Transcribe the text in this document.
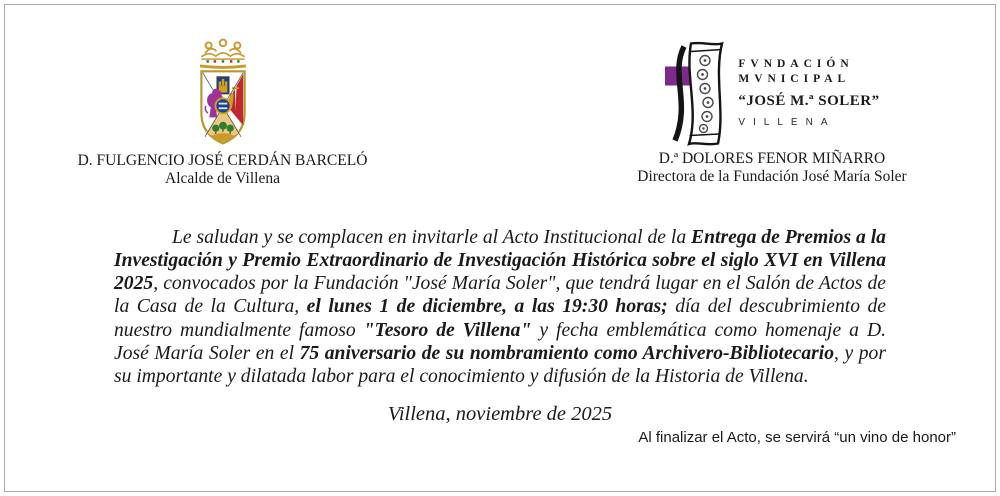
D. FULGENCIO JOSÉ CERDÁN BARCELÓ
Alcalde de Villena
FVNDACIÓN
MVNICIPAL
“JOSÉ M.ª SOLER”
VILLENA
D.ª DOLORES FENOR MIÑARRO
Directora de la Fundación José María Soler

Le saludan y se complacen en invitarle al Acto Institucional de la Entrega de Premios a la Investigación y Premio Extraordinario de Investigación Histórica sobre el siglo XVI en Villena 2025, convocados por la Fundación "José María Soler", que tendrá lugar en el Salón de Actos de la Casa de la Cultura, el lunes 1 de diciembre, a las 19:30 horas; día del descubrimiento de nuestro mundialmente famoso "Tesoro de Villena" y fecha emblemática como homenaje a D. José María Soler en el 75 aniversario de su nombramiento como Archivero-Bibliotecario, y por su importante y dilatada labor para el conocimiento y difusión de la Historia de Villena.

Villena, noviembre de 2025
Al finalizar el Acto, se servirá “un vino de honor”
